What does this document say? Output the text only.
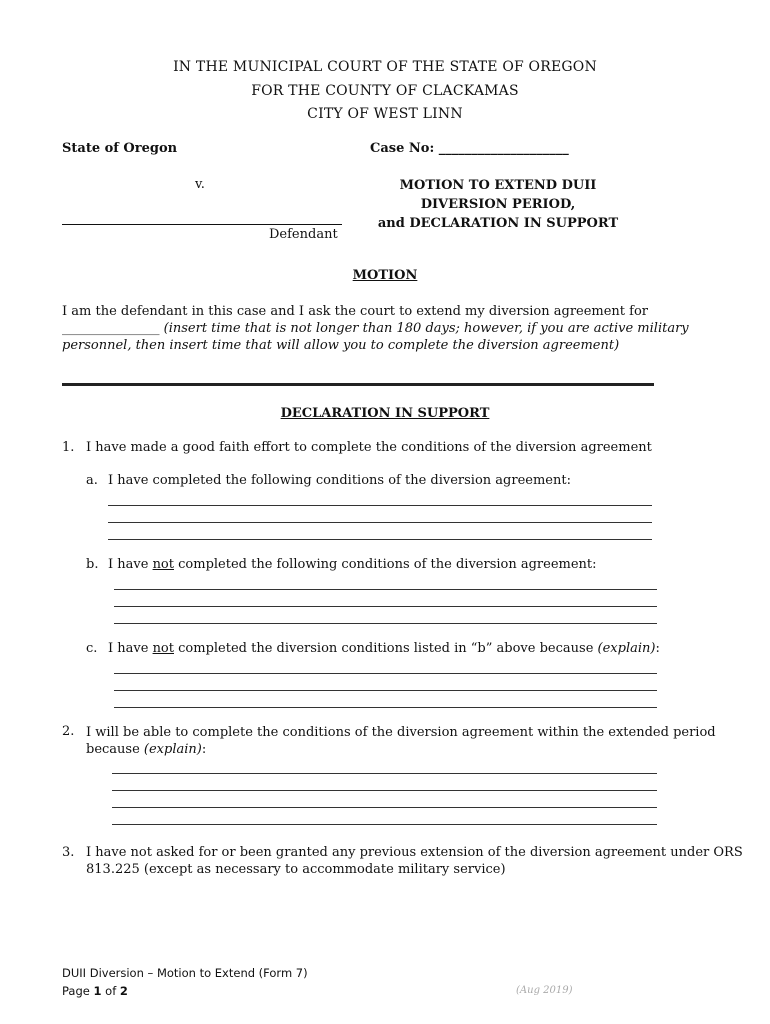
IN THE MUNICIPAL COURT OF THE STATE OF OREGON
FOR THE COUNTY OF CLACKAMAS
CITY OF WEST LINN
State of Oregon	Case No: ____________________
v.	MOTION TO EXTEND DUII
DIVERSION PERIOD,
and DECLARATION IN SUPPORT
Defendant
MOTION
I am the defendant in this case and I ask the court to extend my diversion agreement for
_______________ (insert time that is not longer than 180 days; however, if you are active military
personnel, then insert time that will allow you to complete the diversion agreement)
DECLARATION IN SUPPORT
1. I have made a good faith effort to complete the conditions of the diversion agreement
a. I have completed the following conditions of the diversion agreement:
b. I have not completed the following conditions of the diversion agreement:
c. I have not completed the diversion conditions listed in “b” above because (explain):
2. I will be able to complete the conditions of the diversion agreement within the extended period
because (explain):
3. I have not asked for or been granted any previous extension of the diversion agreement under ORS
813.225 (except as necessary to accommodate military service)
DUII Diversion – Motion to Extend (Form 7)
Page 1 of 2	(Aug 2019)
